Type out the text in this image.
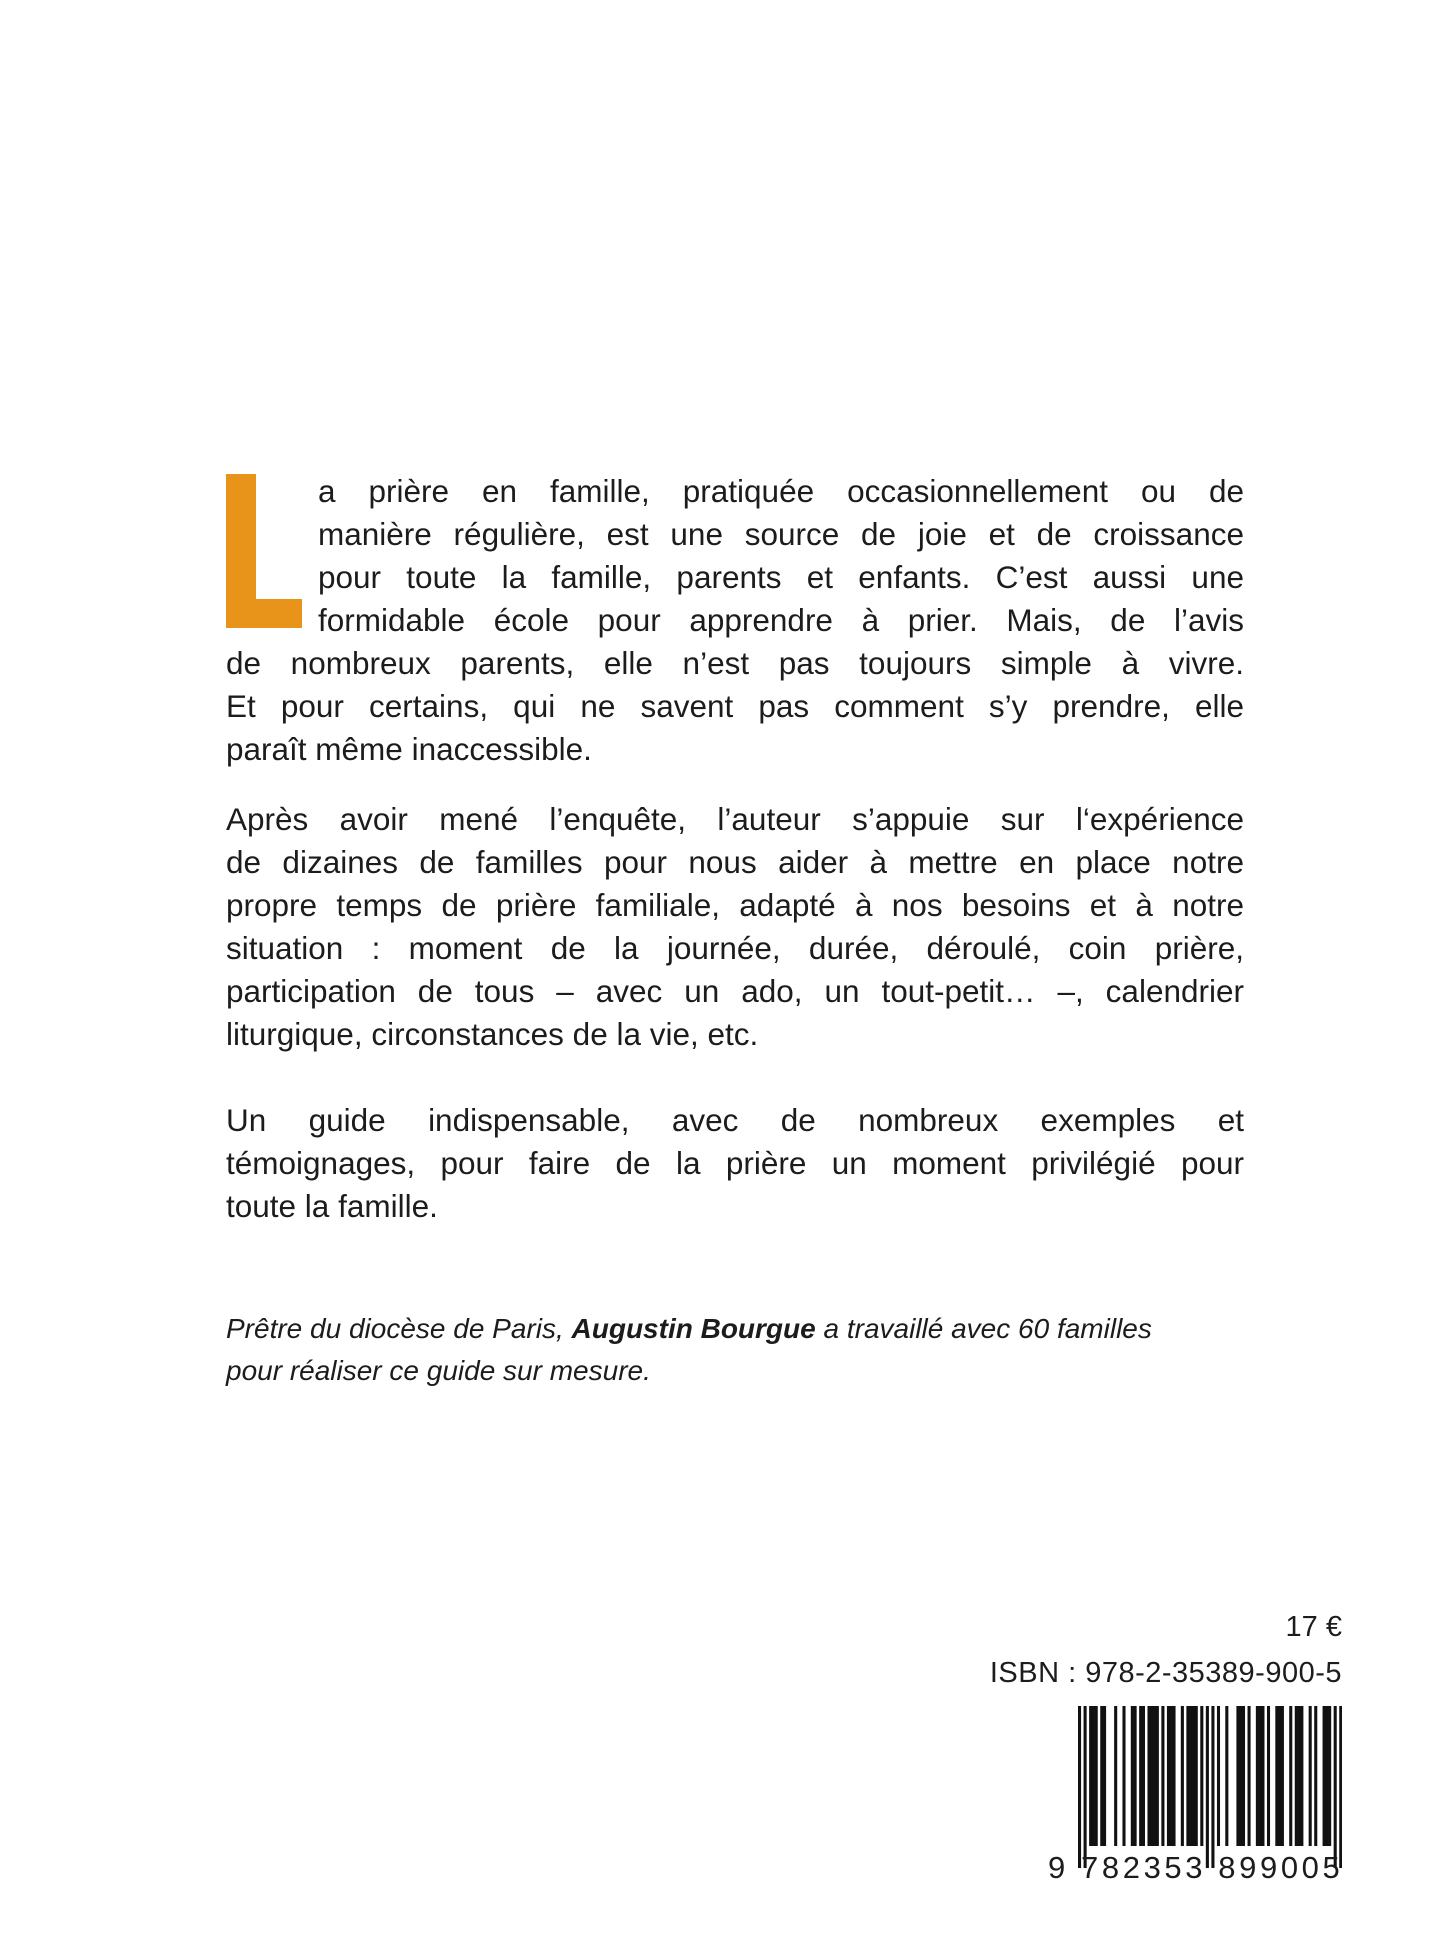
a prière en famille, pratiquée occasionnellement ou de
manière régulière, est une source de joie et de croissance
pour toute la famille, parents et enfants. C’est aussi une
formidable école pour apprendre à prier. Mais, de l’avis
de nombreux parents, elle n’est pas toujours simple à vivre.
Et pour certains, qui ne savent pas comment s’y prendre, elle
paraît même inaccessible.
Après avoir mené l’enquête, l’auteur s’appuie sur l‘expérience
de dizaines de familles pour nous aider à mettre en place notre
propre temps de prière familiale, adapté à nos besoins et à notre
situation : moment de la journée, durée, déroulé, coin prière,
participation de tous – avec un ado, un tout-petit… –, calendrier
liturgique, circonstances de la vie, etc.
Un guide indispensable, avec de nombreux exemples et
témoignages, pour faire de la prière un moment privilégié pour
toute la famille.
Prêtre du diocèse de Paris, Augustin Bourgue a travaillé avec 60 familles
pour réaliser ce guide sur mesure.
17 €
ISBN : 978-2-35389-900-5
9 782353 899005
